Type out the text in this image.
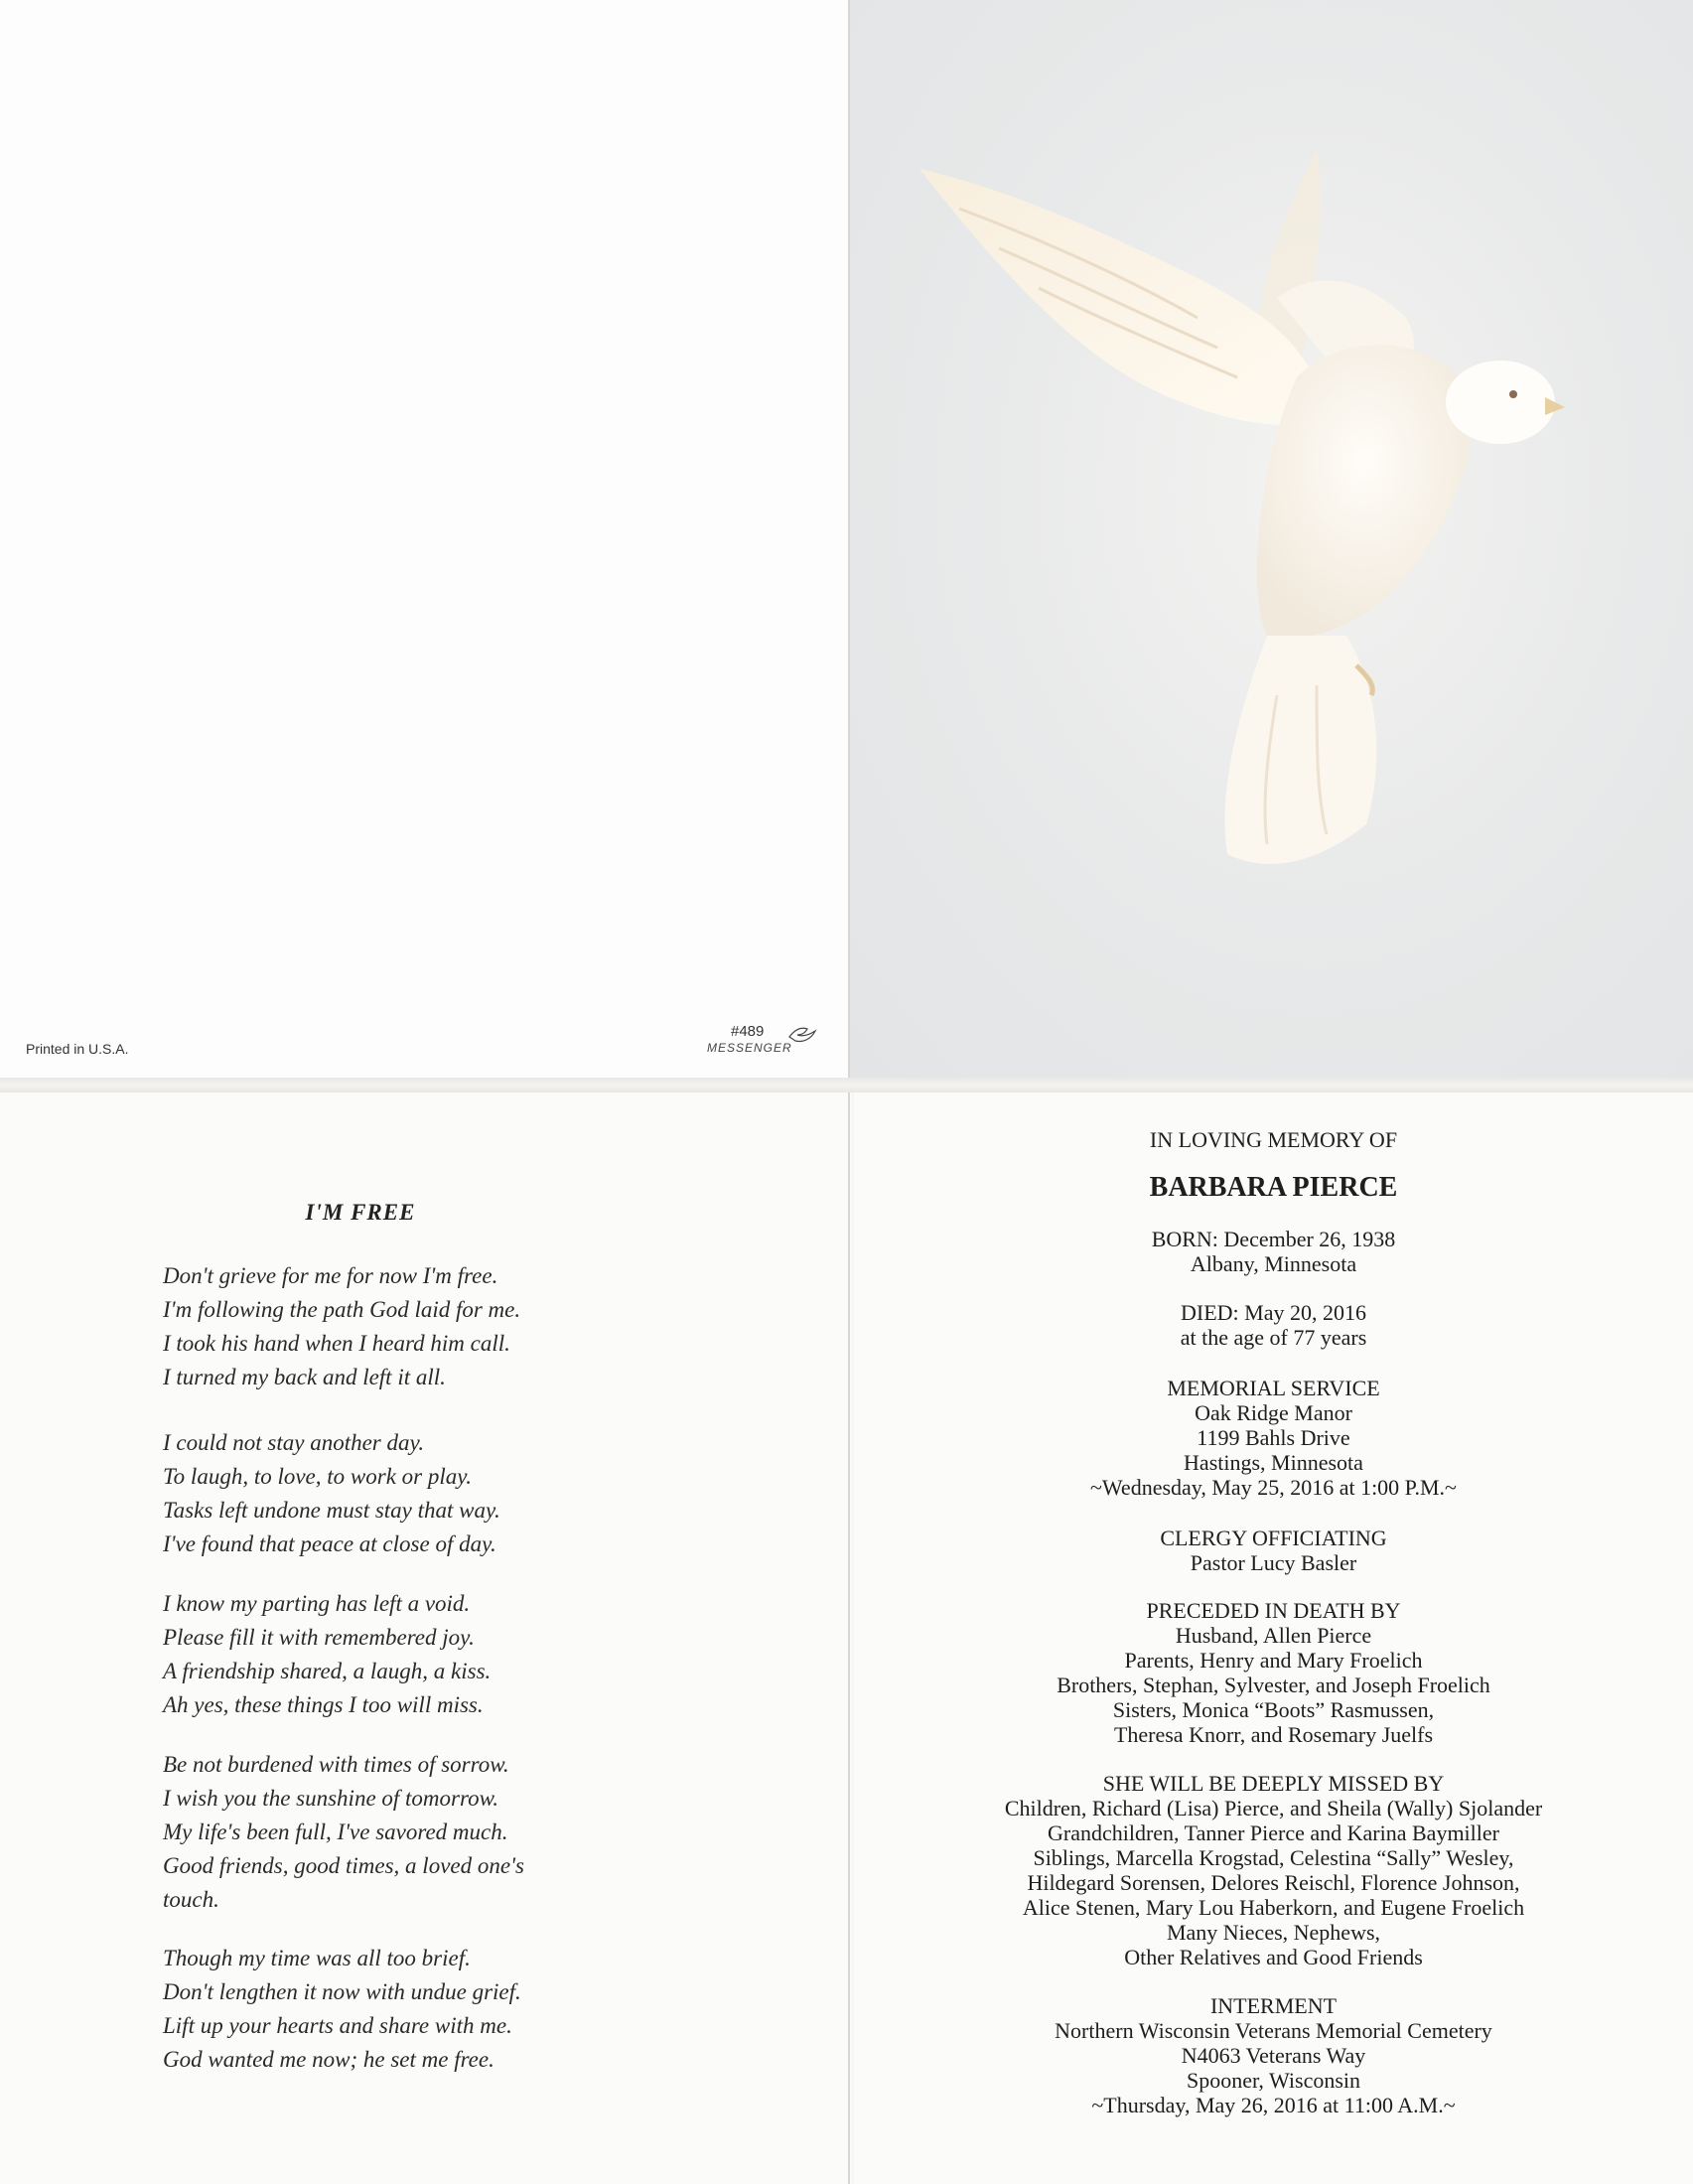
Printed in U.S.A.
#489
MESSENGER
I'M FREE
Don't grieve for me for now I'm free.
I'm following the path God laid for me.
I took his hand when I heard him call.
I turned my back and left it all.
I could not stay another day.
To laugh, to love, to work or play.
Tasks left undone must stay that way.
I've found that peace at close of day.
I know my parting has left a void.
Please fill it with remembered joy.
A friendship shared, a laugh, a kiss.
Ah yes, these things I too will miss.
Be not burdened with times of sorrow.
I wish you the sunshine of tomorrow.
My life's been full, I've savored much.
Good friends, good times, a loved one's
touch.
Though my time was all too brief.
Don't lengthen it now with undue grief.
Lift up your hearts and share with me.
God wanted me now; he set me free.
IN LOVING MEMORY OF
BARBARA PIERCE
BORN: December 26, 1938
Albany, Minnesota
DIED: May 20, 2016
at the age of 77 years
MEMORIAL SERVICE
Oak Ridge Manor
1199 Bahls Drive
Hastings, Minnesota
~Wednesday, May 25, 2016 at 1:00 P.M.~
CLERGY OFFICIATING
Pastor Lucy Basler
PRECEDED IN DEATH BY
Husband, Allen Pierce
Parents, Henry and Mary Froelich
Brothers, Stephan, Sylvester, and Joseph Froelich
Sisters, Monica “Boots” Rasmussen,
Theresa Knorr, and Rosemary Juelfs
SHE WILL BE DEEPLY MISSED BY
Children, Richard (Lisa) Pierce, and Sheila (Wally) Sjolander
Grandchildren, Tanner Pierce and Karina Baymiller
Siblings, Marcella Krogstad, Celestina “Sally” Wesley,
Hildegard Sorensen, Delores Reischl, Florence Johnson,
Alice Stenen, Mary Lou Haberkorn, and Eugene Froelich
Many Nieces, Nephews,
Other Relatives and Good Friends
INTERMENT
Northern Wisconsin Veterans Memorial Cemetery
N4063 Veterans Way
Spooner, Wisconsin
~Thursday, May 26, 2016 at 11:00 A.M.~
